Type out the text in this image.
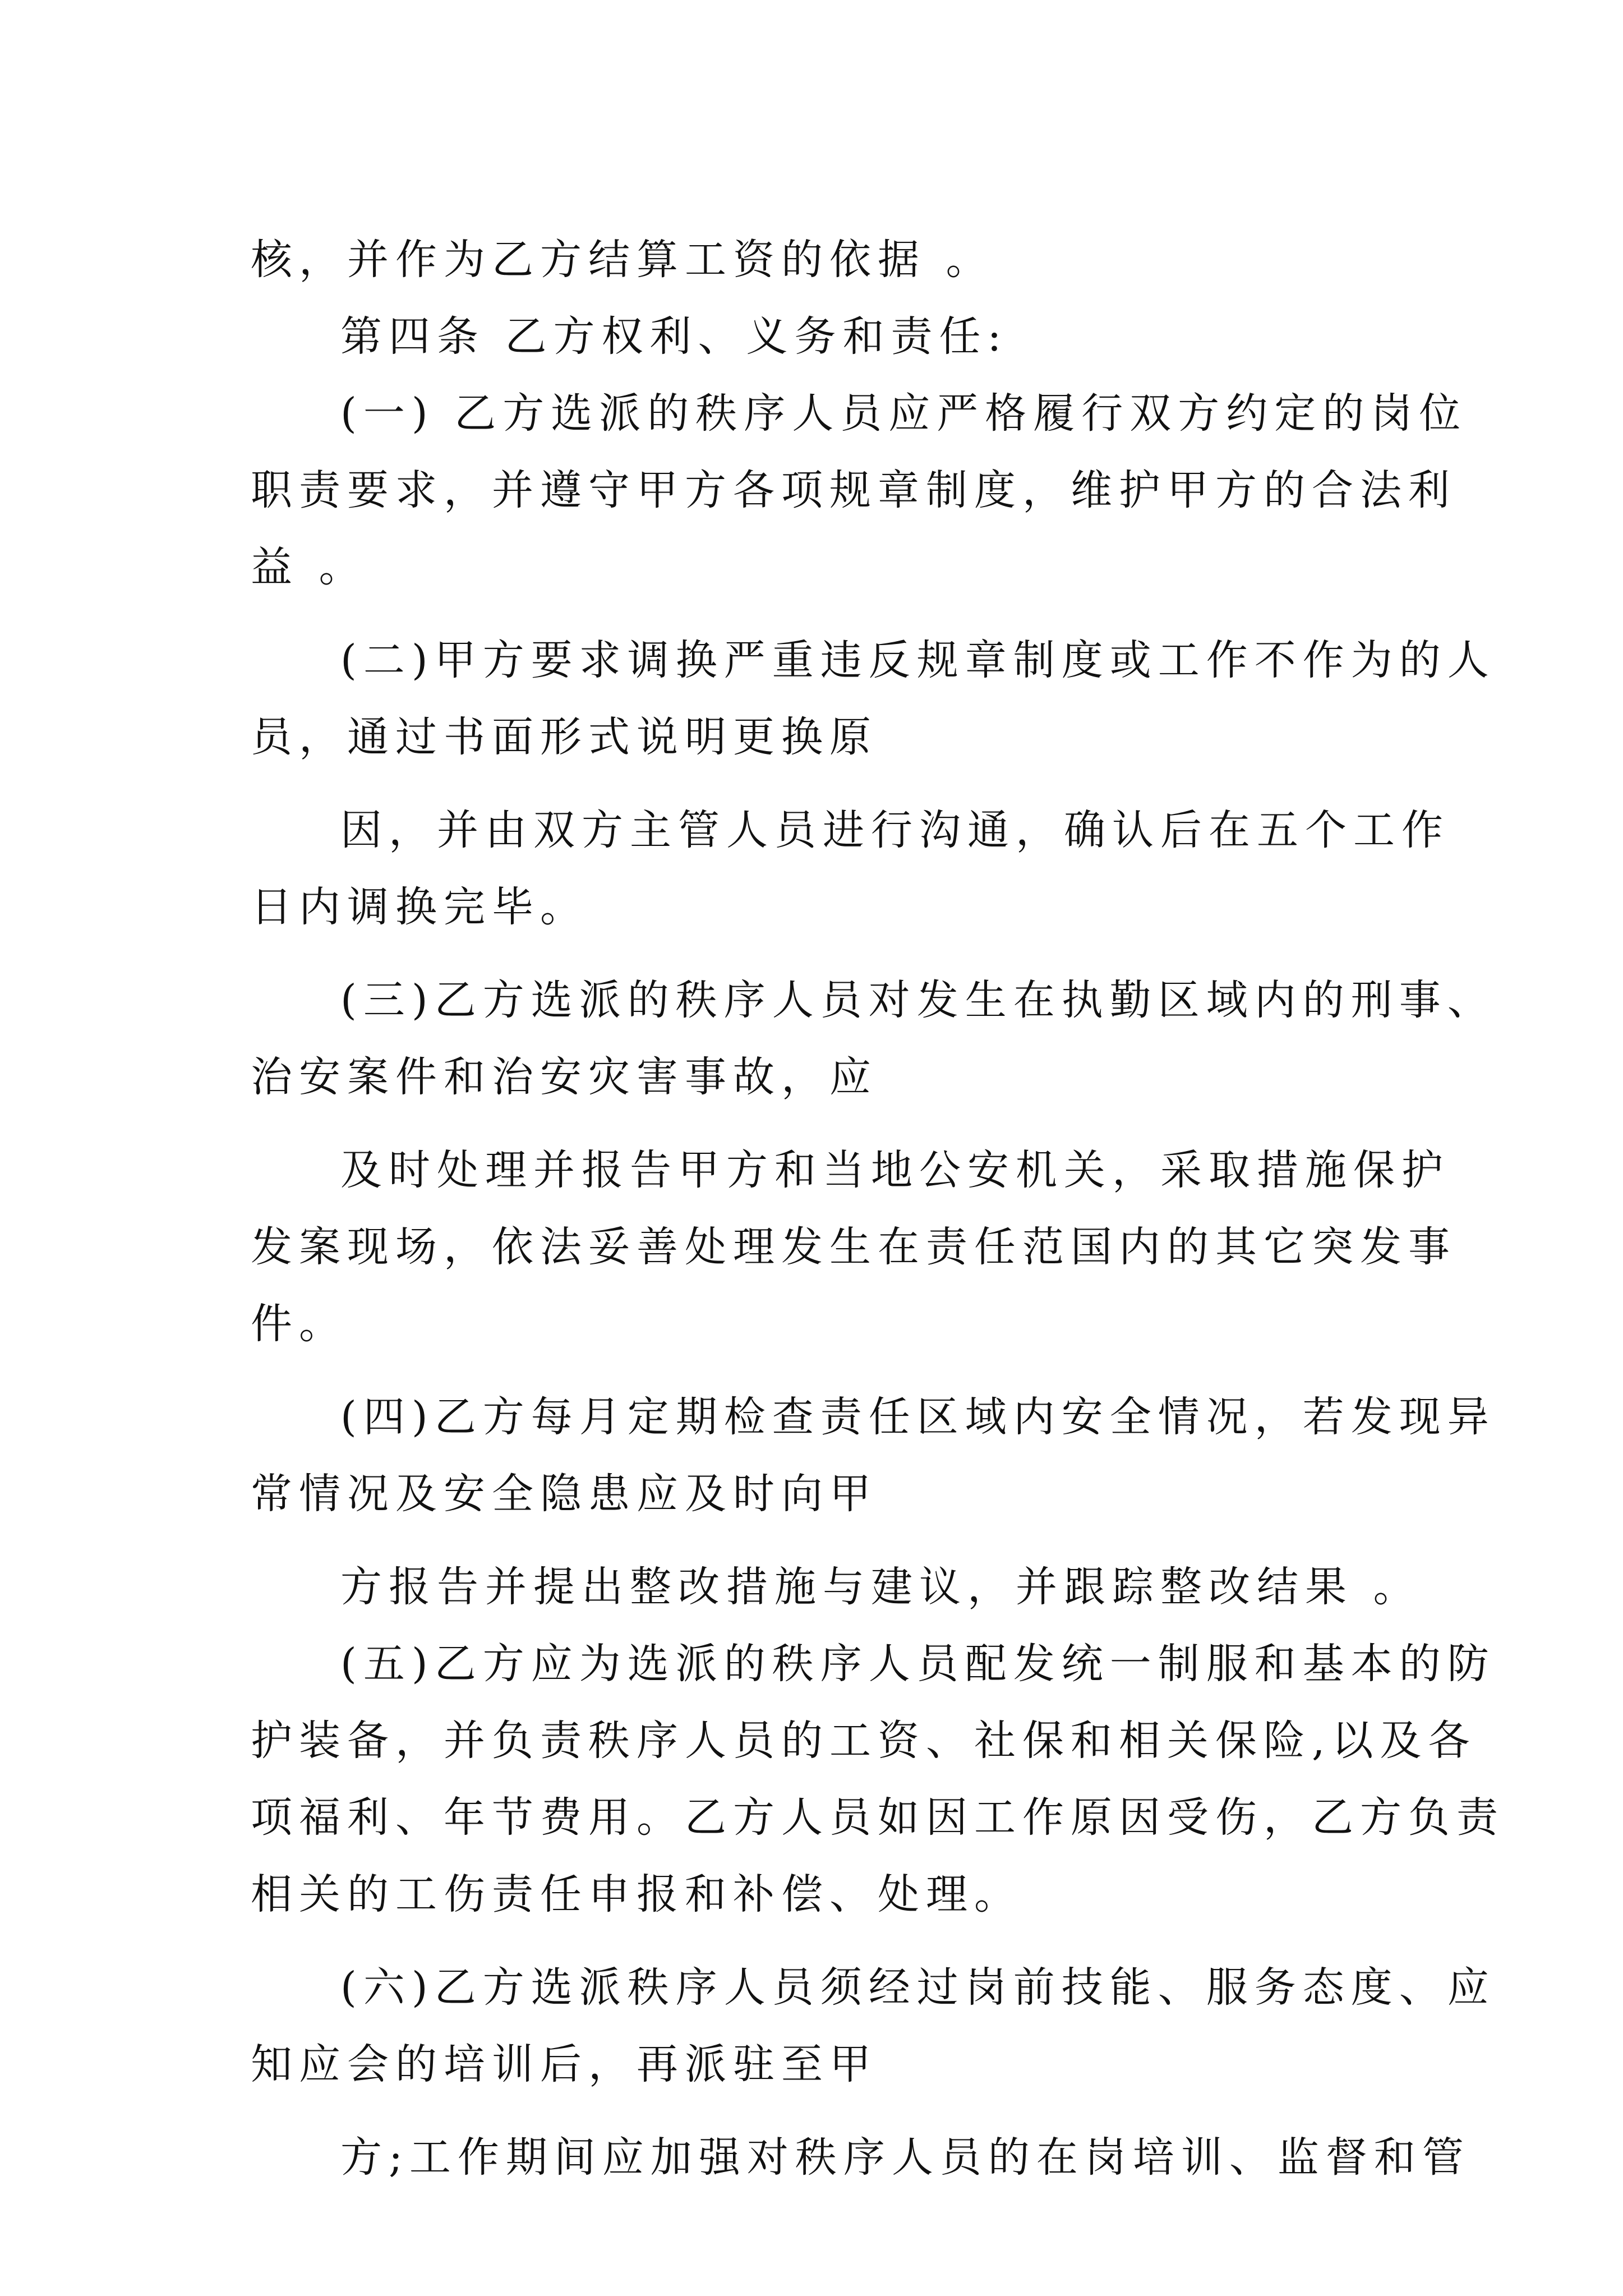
核，并作为乙方结算工资的依据 。
第四条 乙方权利、义务和责任:
(一) 乙方选派的秩序人员应严格履行双方约定的岗位
职责要求，并遵守甲方各项规章制度，维护甲方的合法利
益 。
(二)甲方要求调换严重违反规章制度或工作不作为的人
员，通过书面形式说明更换原
因，并由双方主管人员进行沟通，确认后在五个工作
日内调换完毕。
(三)乙方选派的秩序人员对发生在执勤区域内的刑事、
治安案件和治安灾害事故，应
及时处理并报告甲方和当地公安机关，采取措施保护
发案现场，依法妥善处理发生在责任范国内的其它突发事
件。
(四)乙方每月定期检查责任区域内安全情况，若发现异
常情况及安全隐患应及时向甲
方报告并提出整改措施与建议，并跟踪整改结果 。
(五)乙方应为选派的秩序人员配发统一制服和基本的防
护装备，并负责秩序人员的工资、社保和相关保险,以及各
项福利、年节费用。乙方人员如因工作原因受伤，乙方负责
相关的工伤责任申报和补偿、处理。
(六)乙方选派秩序人员须经过岗前技能、服务态度、应
知应会的培训后，再派驻至甲
方;工作期间应加强对秩序人员的在岗培训、监督和管
